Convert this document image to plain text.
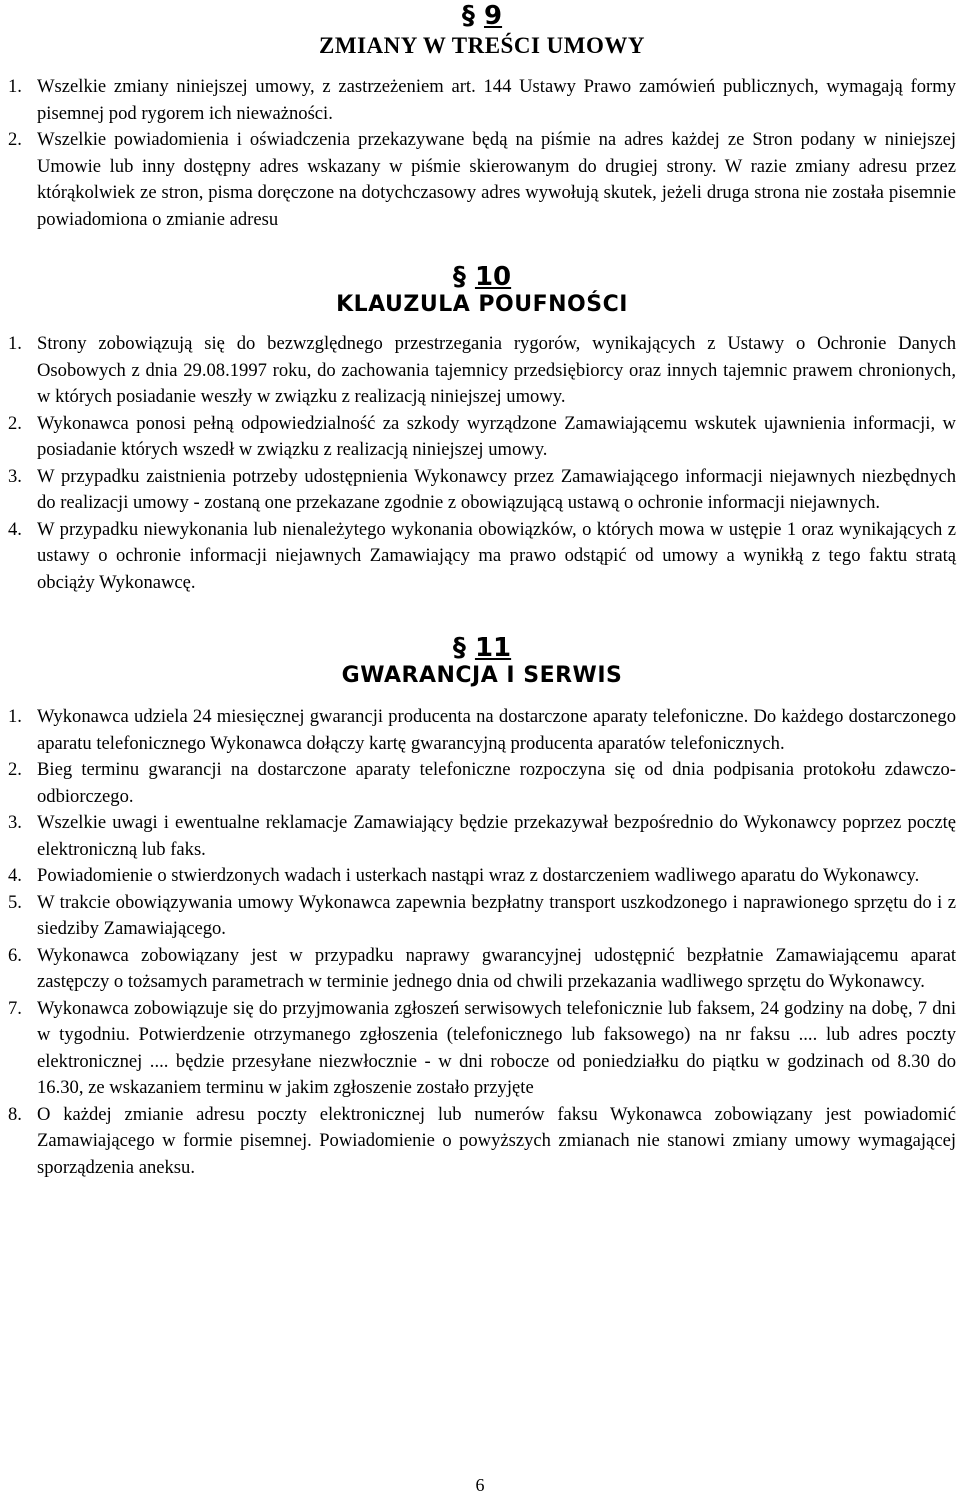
§ 9
ZMIANY W TREŚCI UMOWY
1. Wszelkie zmiany niniejszej umowy, z zastrzeżeniem art. 144 Ustawy Prawo zamówień publicznych, wymagają formy pisemnej pod rygorem ich nieważności.
2. Wszelkie powiadomienia i oświadczenia przekazywane będą na piśmie na adres każdej ze Stron podany w niniejszej Umowie lub inny dostępny adres wskazany w piśmie skierowanym do drugiej strony. W razie zmiany adresu przez którąkolwiek ze stron, pisma doręczone na dotychczasowy adres wywołują skutek, jeżeli druga strona nie została pisemnie powiadomiona o zmianie adresu
§ 10
KLAUZULA POUFNOŚCI
1. Strony zobowiązują się do bezwzględnego przestrzegania rygorów, wynikających z Ustawy o Ochronie Danych Osobowych z dnia 29.08.1997 roku, do zachowania tajemnicy przedsiębiorcy oraz innych tajemnic prawem chronionych, w których posiadanie weszły w związku z realizacją niniejszej umowy.
2. Wykonawca ponosi pełną odpowiedzialność za szkody wyrządzone Zamawiającemu wskutek ujawnienia informacji, w posiadanie których wszedł w związku z realizacją niniejszej umowy.
3. W przypadku zaistnienia potrzeby udostępnienia Wykonawcy przez Zamawiającego informacji niejawnych niezbędnych do realizacji umowy - zostaną one przekazane zgodnie z obowiązującą ustawą o ochronie informacji niejawnych.
4. W przypadku niewykonania lub nienależytego wykonania obowiązków, o których mowa w ustępie 1 oraz wynikających z ustawy o ochronie informacji niejawnych Zamawiający ma prawo odstąpić od umowy a wynikłą z tego faktu stratą obciąży Wykonawcę.
§ 11
GWARANCJA I SERWIS
1. Wykonawca udziela 24 miesięcznej gwarancji producenta na dostarczone aparaty telefoniczne. Do każdego dostarczonego aparatu telefonicznego Wykonawca dołączy kartę gwarancyjną producenta aparatów telefonicznych.
2. Bieg terminu gwarancji na dostarczone aparaty telefoniczne rozpoczyna się od dnia podpisania protokołu zdawczo-odbiorczego.
3. Wszelkie uwagi i ewentualne reklamacje Zamawiający będzie przekazywał bezpośrednio do Wykonawcy poprzez pocztę elektroniczną lub faks.
4. Powiadomienie o stwierdzonych wadach i usterkach nastąpi wraz z dostarczeniem wadliwego aparatu do Wykonawcy.
5. W trakcie obowiązywania umowy Wykonawca zapewnia bezpłatny transport uszkodzonego i naprawionego sprzętu do i z siedziby Zamawiającego.
6. Wykonawca zobowiązany jest w przypadku naprawy gwarancyjnej udostępnić bezpłatnie Zamawiającemu aparat zastępczy o tożsamych parametrach w terminie jednego dnia od chwili przekazania wadliwego sprzętu do Wykonawcy.
7. Wykonawca zobowiązuje się do przyjmowania zgłoszeń serwisowych telefonicznie lub faksem, 24 godziny na dobę, 7 dni w tygodniu. Potwierdzenie otrzymanego zgłoszenia (telefonicznego lub faksowego) na nr faksu .... lub adres poczty elektronicznej .... będzie przesyłane niezwłocznie - w dni robocze od poniedziałku do piątku w godzinach od 8.30 do 16.30, ze wskazaniem terminu w jakim zgłoszenie zostało przyjęte
8. O każdej zmianie adresu poczty elektronicznej lub numerów faksu Wykonawca zobowiązany jest powiadomić Zamawiającego w formie pisemnej. Powiadomienie o powyższych zmianach nie stanowi zmiany umowy wymagającej sporządzenia aneksu.
6
